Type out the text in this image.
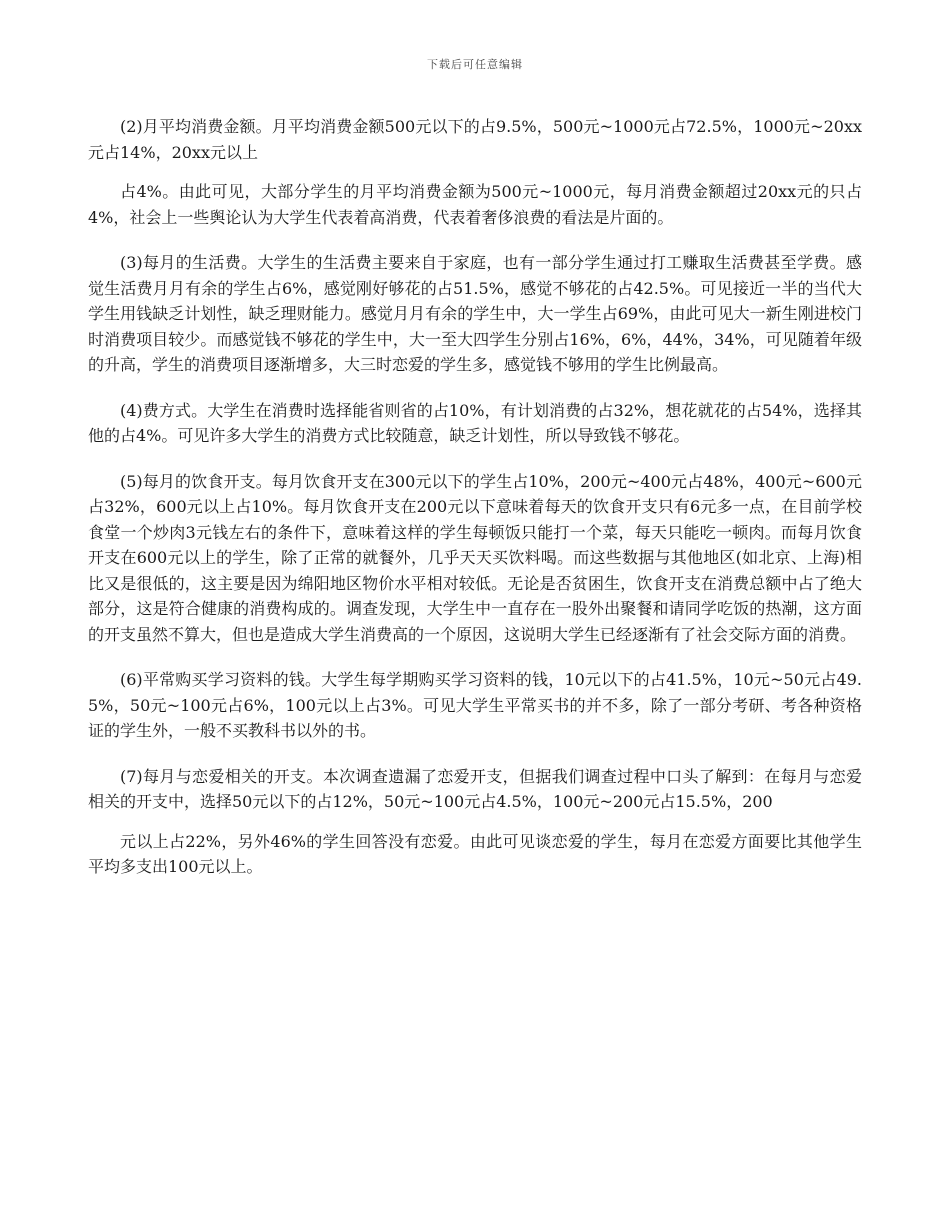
下载后可任意编辑

(2)月平均消费金额。月平均消费金额500元以下的占9.5%，500元~1000元占72.5%，1000元~20xx元占14%，20xx元以上

占4%。由此可见，大部分学生的月平均消费金额为500元~1000元，每月消费金额超过20xx元的只占4%，社会上一些舆论认为大学生代表着高消费，代表着奢侈浪费的看法是片面的。

(3)每月的生活费。大学生的生活费主要来自于家庭，也有一部分学生通过打工赚取生活费甚至学费。感觉生活费月月有余的学生占6%，感觉刚好够花的占51.5%，感觉不够花的占42.5%。可见接近一半的当代大学生用钱缺乏计划性，缺乏理财能力。感觉月月有余的学生中，大一学生占69%，由此可见大一新生刚进校门时消费项目较少。而感觉钱不够花的学生中，大一至大四学生分别占16%，6%，44%，34%，可见随着年级的升高，学生的消费项目逐渐增多，大三时恋爱的学生多，感觉钱不够用的学生比例最高。

(4)费方式。大学生在消费时选择能省则省的占10%，有计划消费的占32%，想花就花的占54%，选择其他的占4%。可见许多大学生的消费方式比较随意，缺乏计划性，所以导致钱不够花。

(5)每月的饮食开支。每月饮食开支在300元以下的学生占10%，200元~400元占48%，400元~600元占32%，600元以上占10%。每月饮食开支在200元以下意味着每天的饮食开支只有6元多一点，在目前学校食堂一个炒肉3元钱左右的条件下，意味着这样的学生每顿饭只能打一个菜，每天只能吃一顿肉。而每月饮食开支在600元以上的学生，除了正常的就餐外，几乎天天买饮料喝。而这些数据与其他地区(如北京、上海)相比又是很低的，这主要是因为绵阳地区物价水平相对较低。无论是否贫困生，饮食开支在消费总额中占了绝大部分，这是符合健康的消费构成的。调查发现，大学生中一直存在一股外出聚餐和请同学吃饭的热潮，这方面的开支虽然不算大，但也是造成大学生消费高的一个原因，这说明大学生已经逐渐有了社会交际方面的消费。

(6)平常购买学习资料的钱。大学生每学期购买学习资料的钱，10元以下的占41.5%，10元~50元占49.5%，50元~100元占6%，100元以上占3%。可见大学生平常买书的并不多，除了一部分考研、考各种资格证的学生外，一般不买教科书以外的书。

(7)每月与恋爱相关的开支。本次调查遗漏了恋爱开支，但据我们调查过程中口头了解到：在每月与恋爱相关的开支中，选择50元以下的占12%，50元~100元占4.5%，100元~200元占15.5%，200

元以上占22%，另外46%的学生回答没有恋爱。由此可见谈恋爱的学生，每月在恋爱方面要比其他学生平均多支出100元以上。
